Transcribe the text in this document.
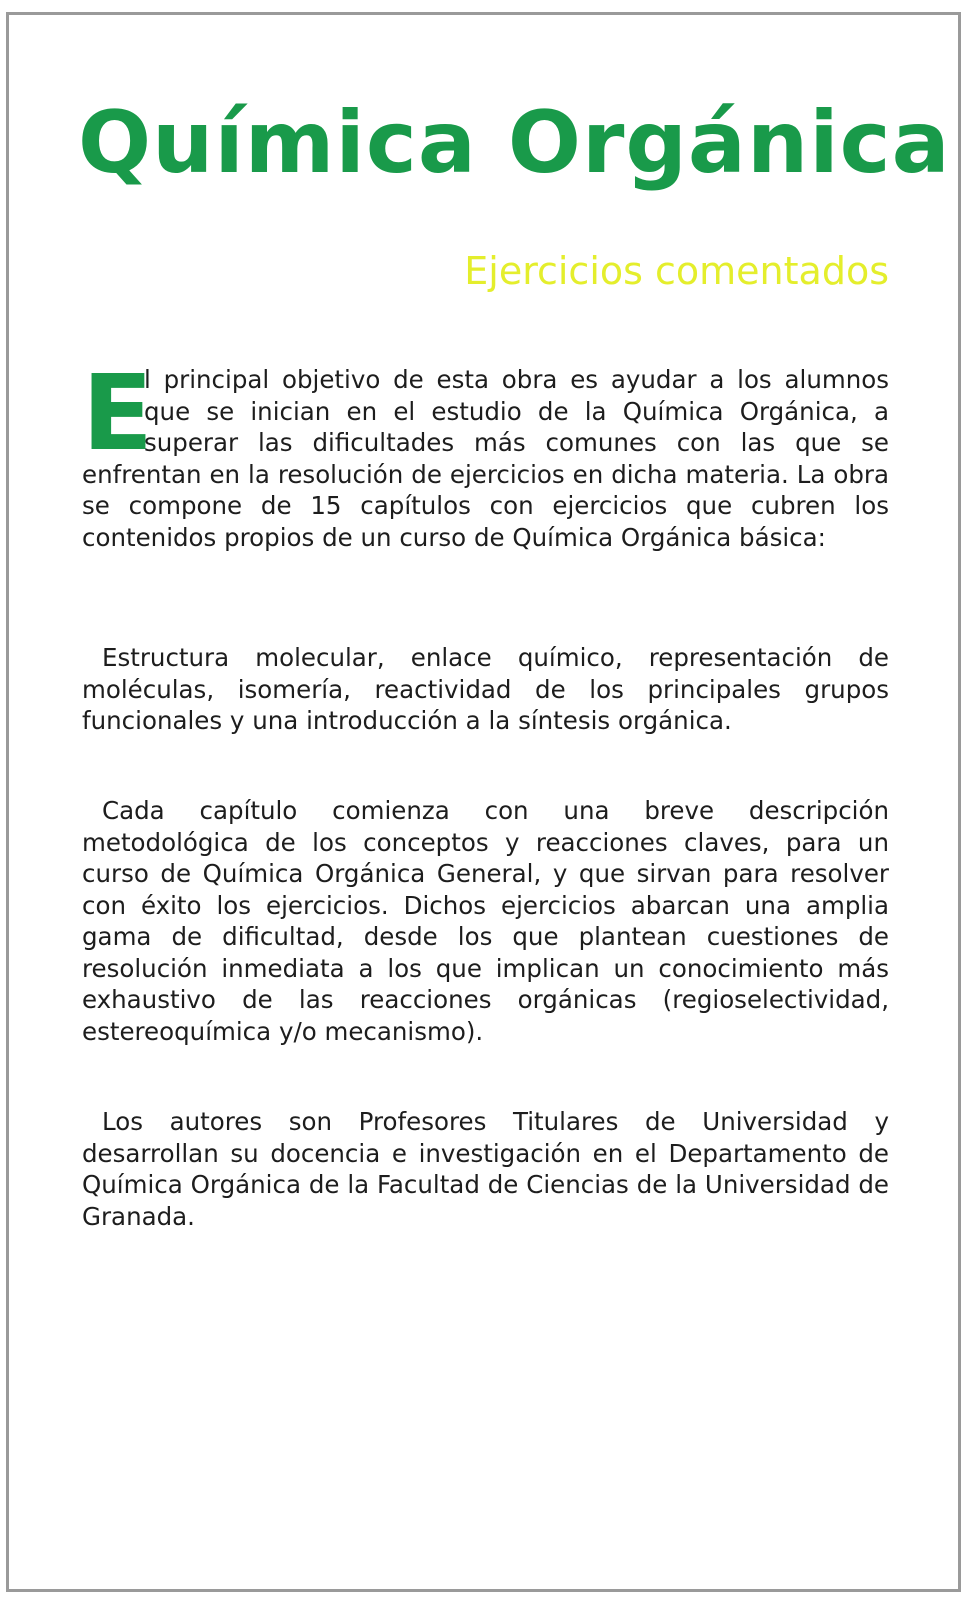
Química Orgánica
Ejercicios comentados

E
l principal objetivo de esta obra es ayudar a los alumnos que se inician en el estudio de la Química Orgánica, a superar las dificultades más comunes con las que se enfrentan en la resolución de ejercicios en dicha materia. La obra se compone de 15 capítulos con ejercicios que cubren los contenidos propios de un curso de Química Orgánica básica:

Estructura molecular, enlace químico, representación de moléculas, isomería, reactividad de los principales grupos funcionales y una introducción a la síntesis orgánica.

Cada capítulo comienza con una breve descripción metodológica de los conceptos y reacciones claves, para un curso de Química Orgánica General, y que sirvan para resolver con éxito los ejercicios. Dichos ejercicios abarcan una amplia gama de dificultad, desde los que plantean cuestiones de resolución inmediata a los que implican un conocimiento más exhaustivo de las reacciones orgánicas (regioselectividad, estereoquímica y/o mecanismo).

Los autores son Profesores Titulares de Universidad y desarrollan su docencia e investigación en el Departamento de Química Orgánica de la Facultad de Ciencias de la Universidad de Granada.
